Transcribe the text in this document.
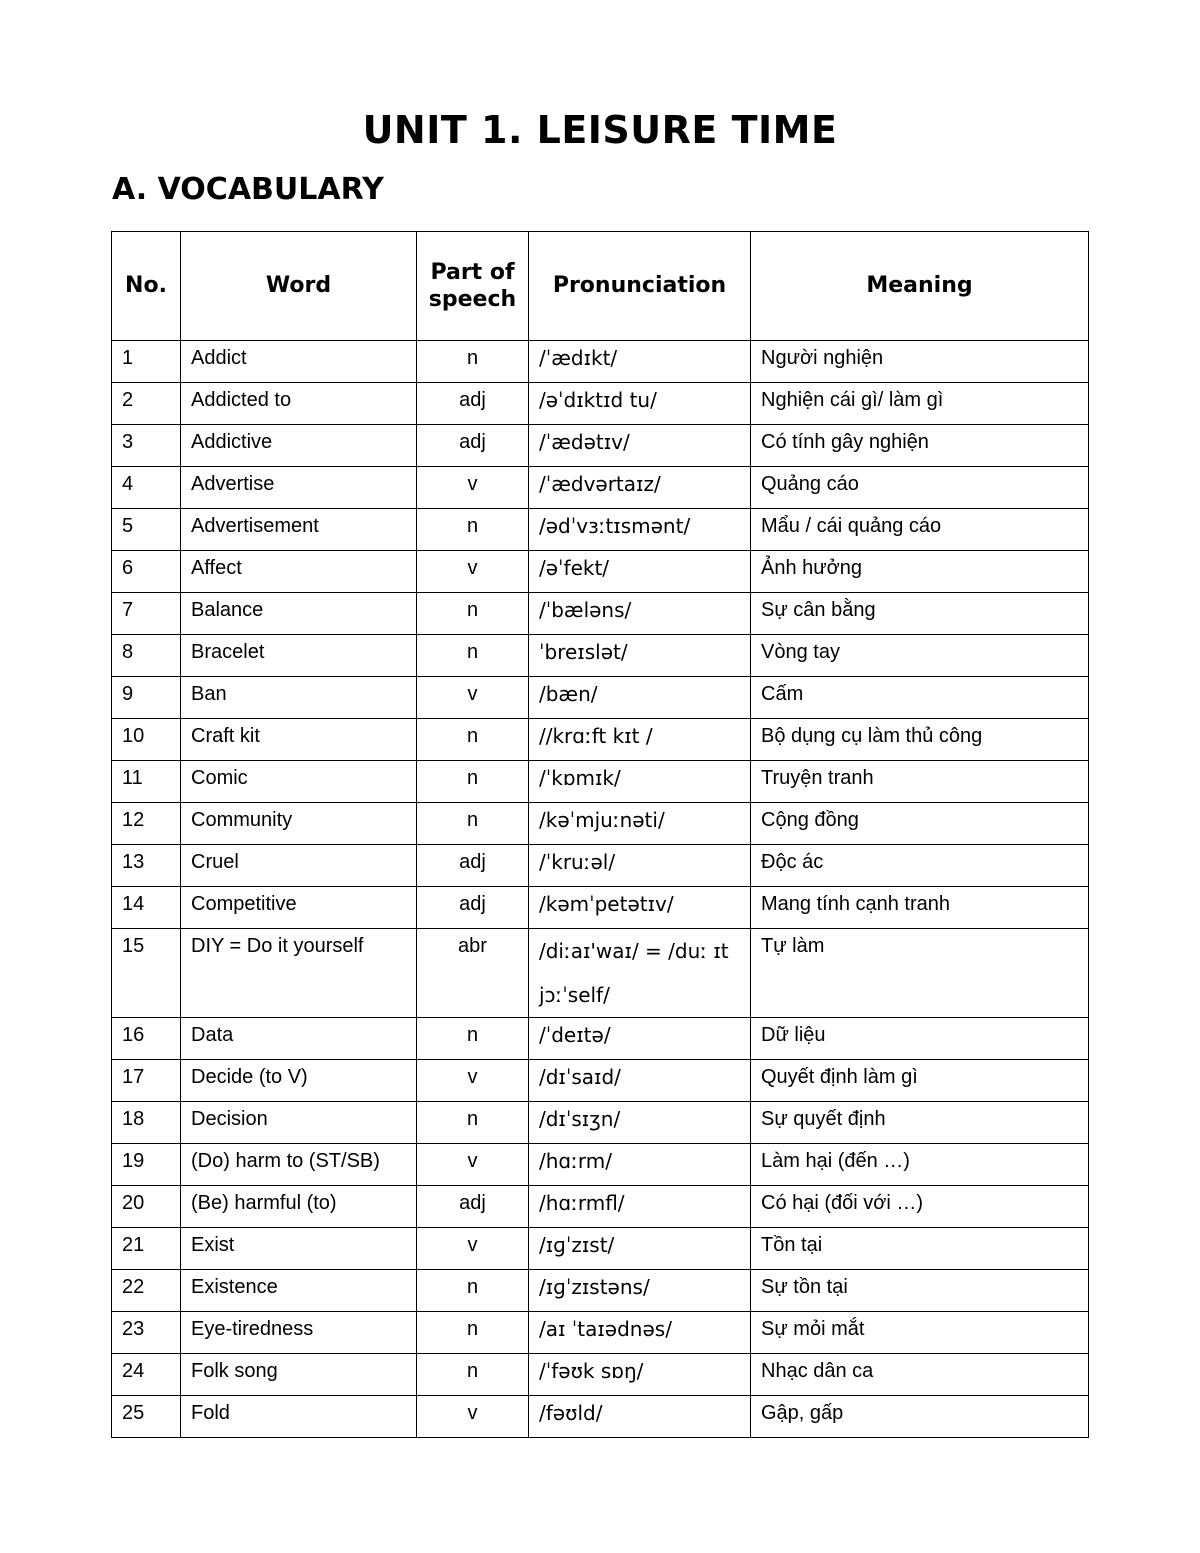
UNIT 1. LEISURE TIME
A. VOCABULARY
No.	Word	Part of speech	Pronunciation	Meaning
1	Addict	n	/ˈædɪkt/	Người nghiện
2	Addicted to	adj	/əˈdɪktɪd tu/	Nghiện cái gì/ làm gì
3	Addictive	adj	/ˈædətɪv/	Có tính gây nghiện
4	Advertise	v	/ˈædvərtaɪz/	Quảng cáo
5	Advertisement	n	/ədˈvɜːtɪsmənt/	Mẩu / cái quảng cáo
6	Affect	v	/əˈfekt/	Ảnh hưởng
7	Balance	n	/ˈbæləns/	Sự cân bằng
8	Bracelet	n	ˈbreɪslət/	Vòng tay
9	Ban	v	/bæn/	Cấm
10	Craft kit	n	//krɑːft kɪt /	Bộ dụng cụ làm thủ công
11	Comic	n	/ˈkɒmɪk/	Truyện tranh
12	Community	n	/kəˈmjuːnəti/	Cộng đồng
13	Cruel	adj	/ˈkruːəl/	Độc ác
14	Competitive	adj	/kəmˈpetətɪv/	Mang tính cạnh tranh
15	DIY = Do it yourself	abr	/diːaɪ'waɪ/ = /duː ɪt jɔːˈself/	Tự làm
16	Data	n	/ˈdeɪtə/	Dữ liệu
17	Decide (to V)	v	/dɪˈsaɪd/	Quyết định làm gì
18	Decision	n	/dɪˈsɪʒn/	Sự quyết định
19	(Do) harm to (ST/SB)	v	/hɑːrm/	Làm hại (đến …)
20	(Be) harmful (to)	adj	/hɑːrmfl/	Có hại (đối với …)
21	Exist	v	/ɪɡˈzɪst/	Tồn tại
22	Existence	n	/ɪɡˈzɪstəns/	Sự tồn tại
23	Eye-tiredness	n	/aɪ ˈtaɪədnəs/	Sự mỏi mắt
24	Folk song	n	/ˈfəʊk sɒŋ/	Nhạc dân ca
25	Fold	v	/fəʊld/	Gập, gấp
